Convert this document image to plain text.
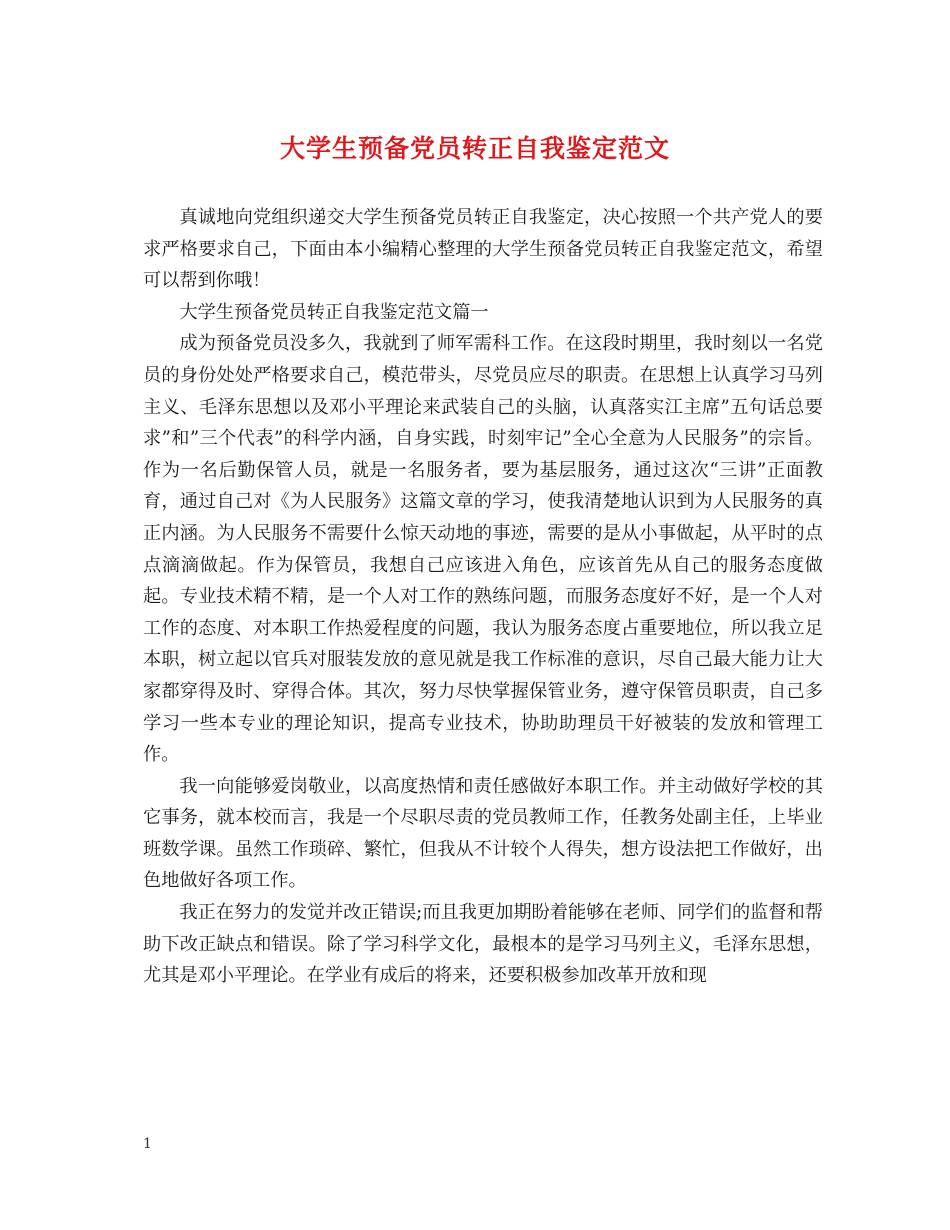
大学生预备党员转正自我鉴定范文

真诚地向党组织递交大学生预备党员转正自我鉴定，决心按照一个共产党人的要求严格要求自己，下面由本小编精心整理的大学生预备党员转正自我鉴定范文，希望可以帮到你哦！

大学生预备党员转正自我鉴定范文篇一

成为预备党员没多久，我就到了师军需科工作。在这段时期里，我时刻以一名党员的身份处处严格要求自己，模范带头，尽党员应尽的职责。在思想上认真学习马列主义、毛泽东思想以及邓小平理论来武装自己的头脑，认真落实江主席”五句话总要求”和”三个代表”的科学内涵，自身实践，时刻牢记”全心全意为人民服务”的宗旨。作为一名后勤保管人员，就是一名服务者，要为基层服务，通过这次“三讲”正面教育，通过自己对《为人民服务》这篇文章的学习，使我清楚地认识到为人民服务的真正内涵。为人民服务不需要什么惊天动地的事迹，需要的是从小事做起，从平时的点点滴滴做起。作为保管员，我想自己应该进入角色，应该首先从自己的服务态度做起。专业技术精不精，是一个人对工作的熟练问题，而服务态度好不好，是一个人对工作的态度、对本职工作热爱程度的问题，我认为服务态度占重要地位，所以我立足本职，树立起以官兵对服装发放的意见就是我工作标准的意识，尽自己最大能力让大家都穿得及时、穿得合体。其次，努力尽快掌握保管业务，遵守保管员职责，自己多学习一些本专业的理论知识，提高专业技术，协助助理员干好被装的发放和管理工作。

我一向能够爱岗敬业，以高度热情和责任感做好本职工作。并主动做好学校的其它事务，就本校而言，我是一个尽职尽责的党员教师工作，任教务处副主任，上毕业班数学课。虽然工作琐碎、繁忙，但我从不计较个人得失，想方设法把工作做好，出色地做好各项工作。

我正在努力的发觉并改正错误;而且我更加期盼着能够在老师、同学们的监督和帮助下改正缺点和错误。除了学习科学文化，最根本的是学习马列主义，毛泽东思想，尤其是邓小平理论。在学业有成后的将来，还要积极参加改革开放和现

1
